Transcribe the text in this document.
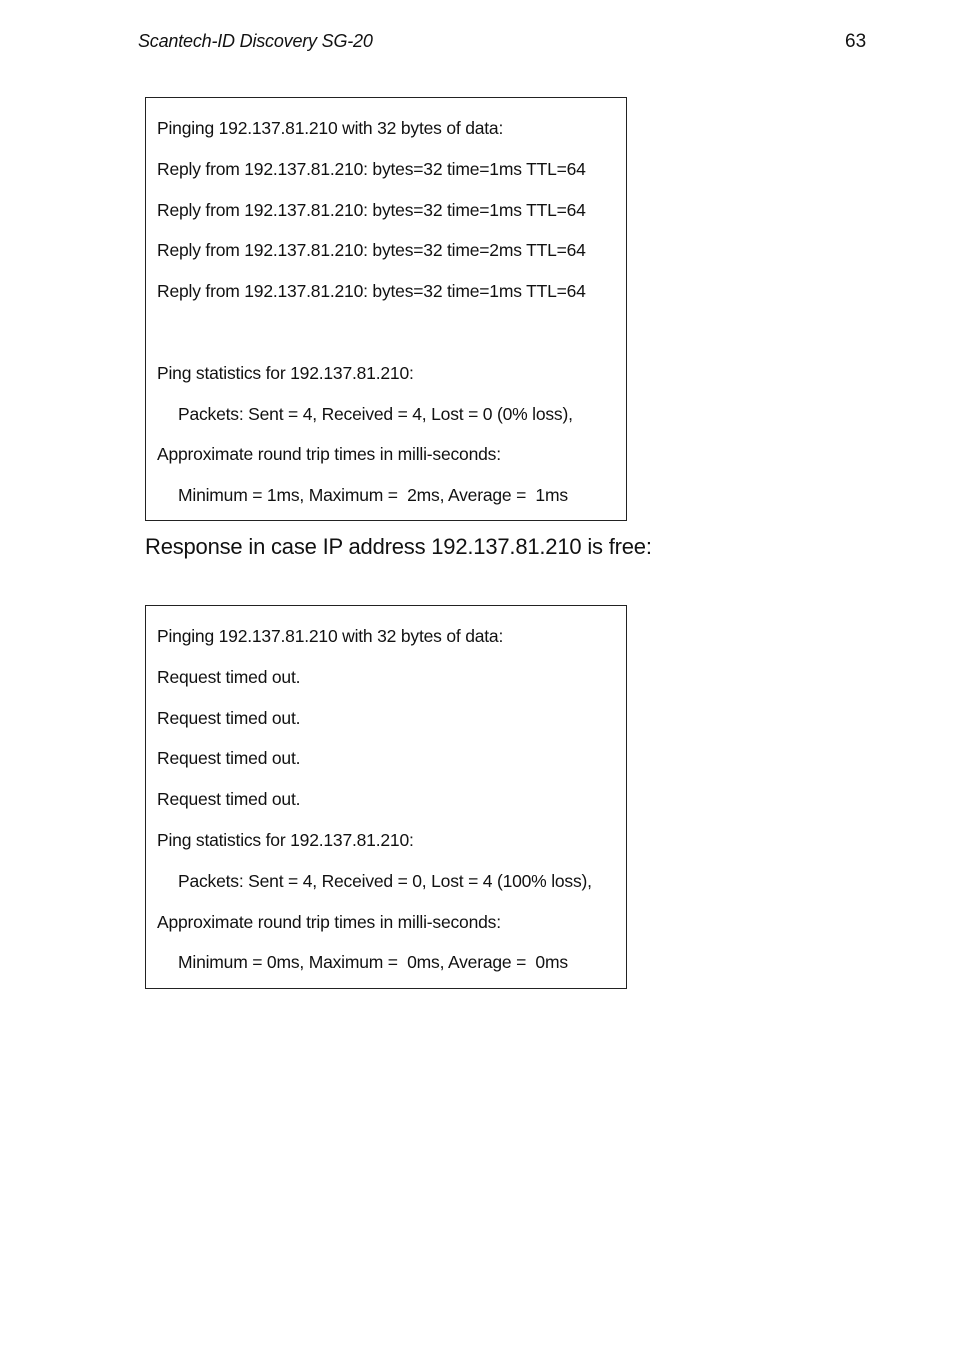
Scantech-ID Discovery SG-20	63
Pinging 192.137.81.210 with 32 bytes of data:
Reply from 192.137.81.210: bytes=32 time=1ms TTL=64
Reply from 192.137.81.210: bytes=32 time=1ms TTL=64
Reply from 192.137.81.210: bytes=32 time=2ms TTL=64
Reply from 192.137.81.210: bytes=32 time=1ms TTL=64
Ping statistics for 192.137.81.210:
Packets: Sent = 4, Received = 4, Lost = 0 (0% loss),
Approximate round trip times in milli-seconds:
Minimum = 1ms, Maximum =  2ms, Average =  1ms
Response in case IP address 192.137.81.210 is free:
Pinging 192.137.81.210 with 32 bytes of data:
Request timed out.
Request timed out.
Request timed out.
Request timed out.
Ping statistics for 192.137.81.210:
Packets: Sent = 4, Received = 0, Lost = 4 (100% loss),
Approximate round trip times in milli-seconds:
Minimum = 0ms, Maximum =  0ms, Average =  0ms
